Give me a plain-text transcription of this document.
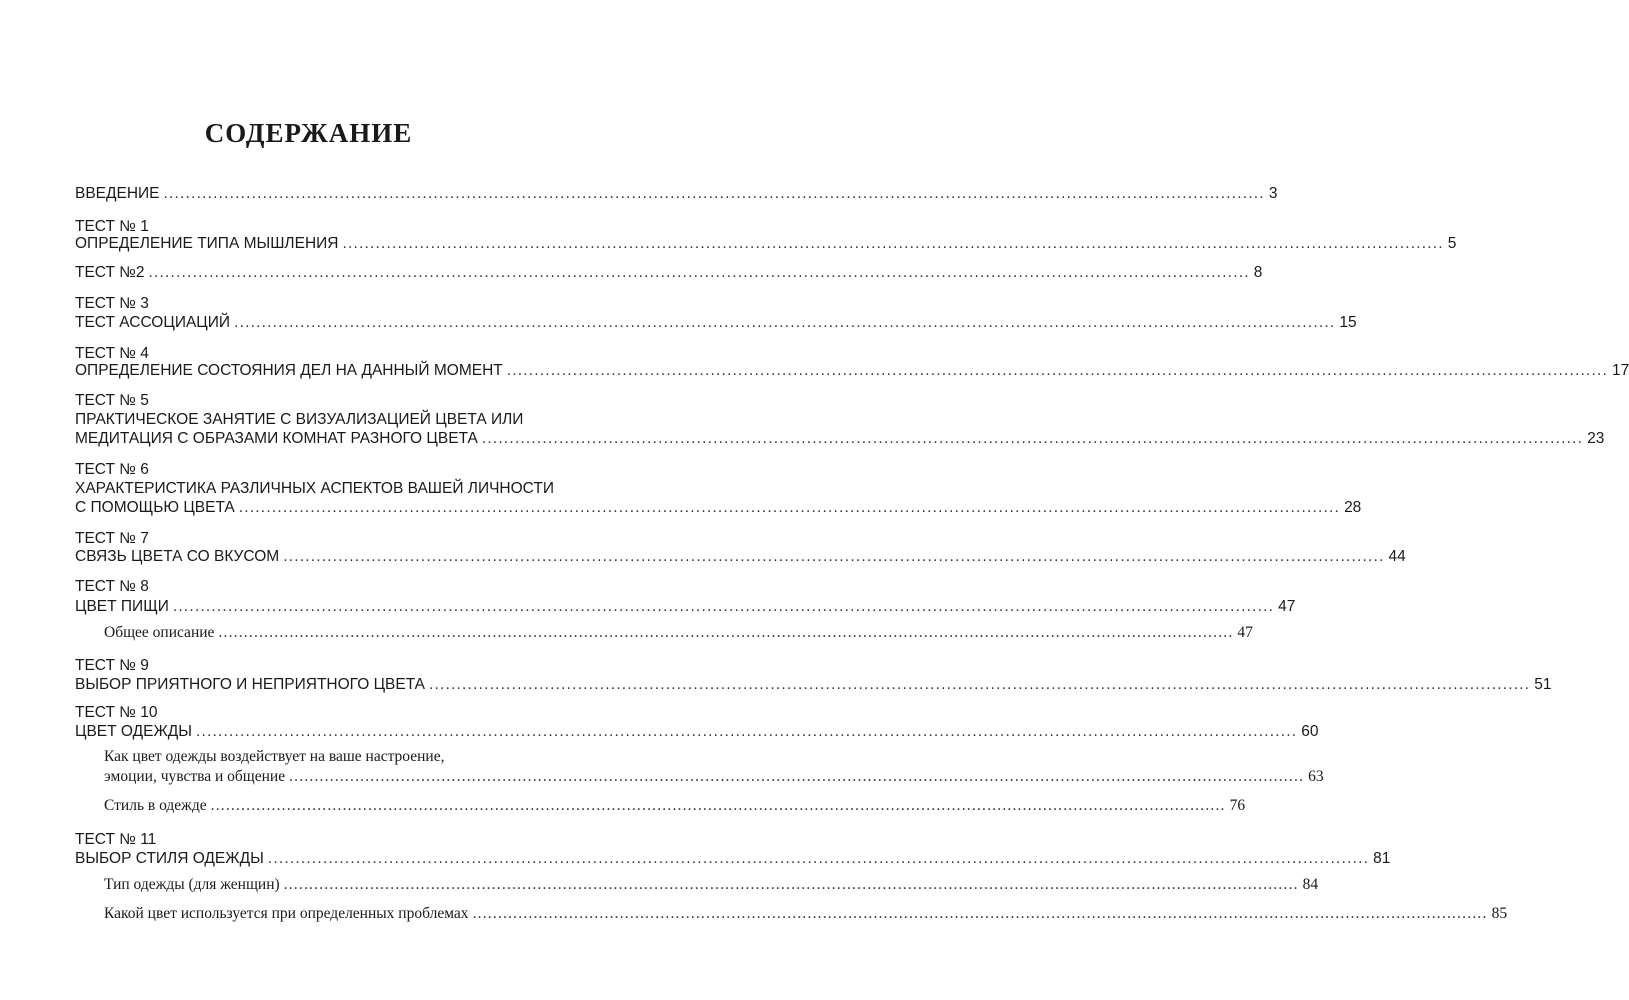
СОДЕРЖАНИЕ
ВВЕДЕНИЕ ........................................................................................................................................................................................................ 3
ТЕСТ № 1
ОПРЕДЕЛЕНИЕ ТИПА МЫШЛЕНИЯ ........................................................................................................................................................................................................ 5
ТЕСТ №2 ........................................................................................................................................................................................................ 8
ТЕСТ № 3
ТЕСТ АССОЦИАЦИЙ ........................................................................................................................................................................................................ 15
ТЕСТ № 4
ОПРЕДЕЛЕНИЕ СОСТОЯНИЯ ДЕЛ НА ДАННЫЙ МОМЕНТ ........................................................................................................................................................................................................ 17
ТЕСТ № 5
ПРАКТИЧЕСКОЕ ЗАНЯТИЕ С ВИЗУАЛИЗАЦИЕЙ ЦВЕТА ИЛИ
МЕДИТАЦИЯ С ОБРАЗАМИ КОМНАТ РАЗНОГО ЦВЕТА ........................................................................................................................................................................................................ 23
ТЕСТ № 6
ХАРАКТЕРИСТИКА РАЗЛИЧНЫХ АСПЕКТОВ ВАШЕЙ ЛИЧНОСТИ
С ПОМОЩЬЮ ЦВЕТА ........................................................................................................................................................................................................ 28
ТЕСТ № 7
СВЯЗЬ ЦВЕТА СО ВКУСОМ ........................................................................................................................................................................................................ 44
ТЕСТ № 8
ЦВЕТ ПИЩИ ........................................................................................................................................................................................................ 47
Общее описание ........................................................................................................................................................................................................ 47
ТЕСТ № 9
ВЫБОР ПРИЯТНОГО И НЕПРИЯТНОГО ЦВЕТА ........................................................................................................................................................................................................ 51
ТЕСТ № 10
ЦВЕТ ОДЕЖДЫ ........................................................................................................................................................................................................ 60
Как цвет одежды воздействует на ваше настроение,
эмоции, чувства и общение ........................................................................................................................................................................................................ 63
Стиль в одежде ........................................................................................................................................................................................................ 76
ТЕСТ № 11
ВЫБОР СТИЛЯ ОДЕЖДЫ ........................................................................................................................................................................................................ 81
Тип одежды (для женщин) ........................................................................................................................................................................................................ 84
Какой цвет используется при определенных проблемах ........................................................................................................................................................................................................ 85
